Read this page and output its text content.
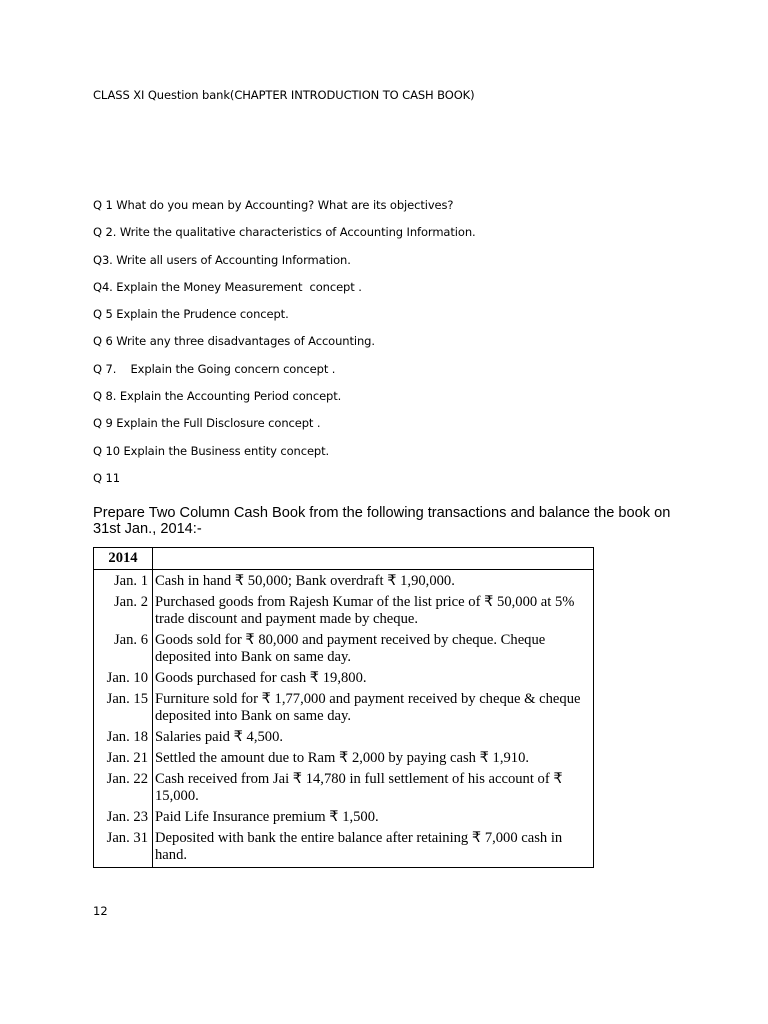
CLASS XI Question bank(CHAPTER INTRODUCTION TO CASH BOOK)
Q 1 What do you mean by Accounting? What are its objectives?
Q 2. Write the qualitative characteristics of Accounting Information.
Q3. Write all users of Accounting Information.
Q4. Explain the Money Measurement  concept .
Q 5 Explain the Prudence concept.
Q 6 Write any three disadvantages of Accounting.
Q 7.    Explain the Going concern concept .
Q 8. Explain the Accounting Period concept.
Q 9 Explain the Full Disclosure concept .
Q 10 Explain the Business entity concept.
Q 11
Prepare Two Column Cash Book from the following transactions and balance the book on 31st Jan., 2014:-
2014	
Jan. 1	Cash in hand ₹ 50,000; Bank overdraft ₹ 1,90,000.
Jan. 2	Purchased goods from Rajesh Kumar of the list price of ₹ 50,000 at 5% trade discount and payment made by cheque.
Jan. 6	Goods sold for ₹ 80,000 and payment received by cheque. Cheque deposited into Bank on same day.
Jan. 10	Goods purchased for cash ₹ 19,800.
Jan. 15	Furniture sold for ₹ 1,77,000 and payment received by cheque & cheque deposited into Bank on same day.
Jan. 18	Salaries paid ₹ 4,500.
Jan. 21	Settled the amount due to Ram ₹ 2,000 by paying cash ₹ 1,910.
Jan. 22	Cash received from Jai ₹ 14,780 in full settlement of his account of ₹ 15,000.
Jan. 23	Paid Life Insurance premium ₹ 1,500.
Jan. 31	Deposited with bank the entire balance after retaining ₹ 7,000 cash in hand.
12
